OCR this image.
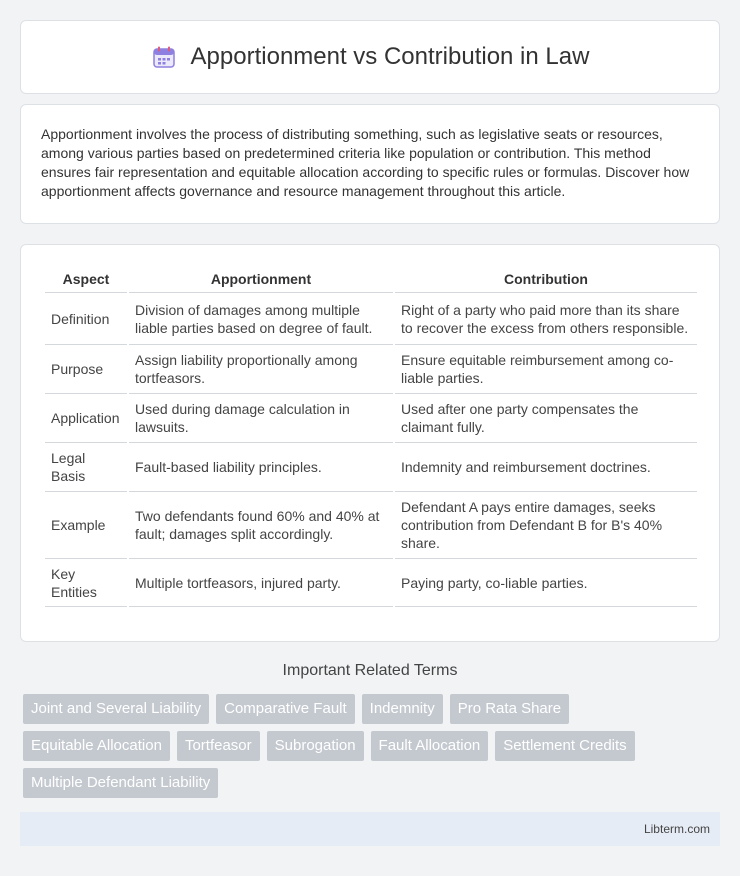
Apportionment vs Contribution in Law

Apportionment involves the process of distributing something, such as legislative seats or resources, among various parties based on predetermined criteria like population or contribution. This method ensures fair representation and equitable allocation according to specific rules or formulas. Discover how apportionment affects governance and resource management throughout this article.

Aspect	Apportionment	Contribution
Definition	Division of damages among multiple liable parties based on degree of fault.	Right of a party who paid more than its share to recover the excess from others responsible.
Purpose	Assign liability proportionally among tortfeasors.	Ensure equitable reimbursement among co-liable parties.
Application	Used during damage calculation in lawsuits.	Used after one party compensates the claimant fully.
Legal Basis	Fault-based liability principles.	Indemnity and reimbursement doctrines.
Example	Two defendants found 60% and 40% at fault; damages split accordingly.	Defendant A pays entire damages, seeks contribution from Defendant B for B's 40% share.
Key Entities	Multiple tortfeasors, injured party.	Paying party, co-liable parties.
Important Related Terms
Joint and Several Liability	Comparative Fault	Indemnity	Pro Rata Share
Equitable Allocation	Tortfeasor	Subrogation	Fault Allocation	Settlement Credits
Multiple Defendant Liability
Libterm.com
